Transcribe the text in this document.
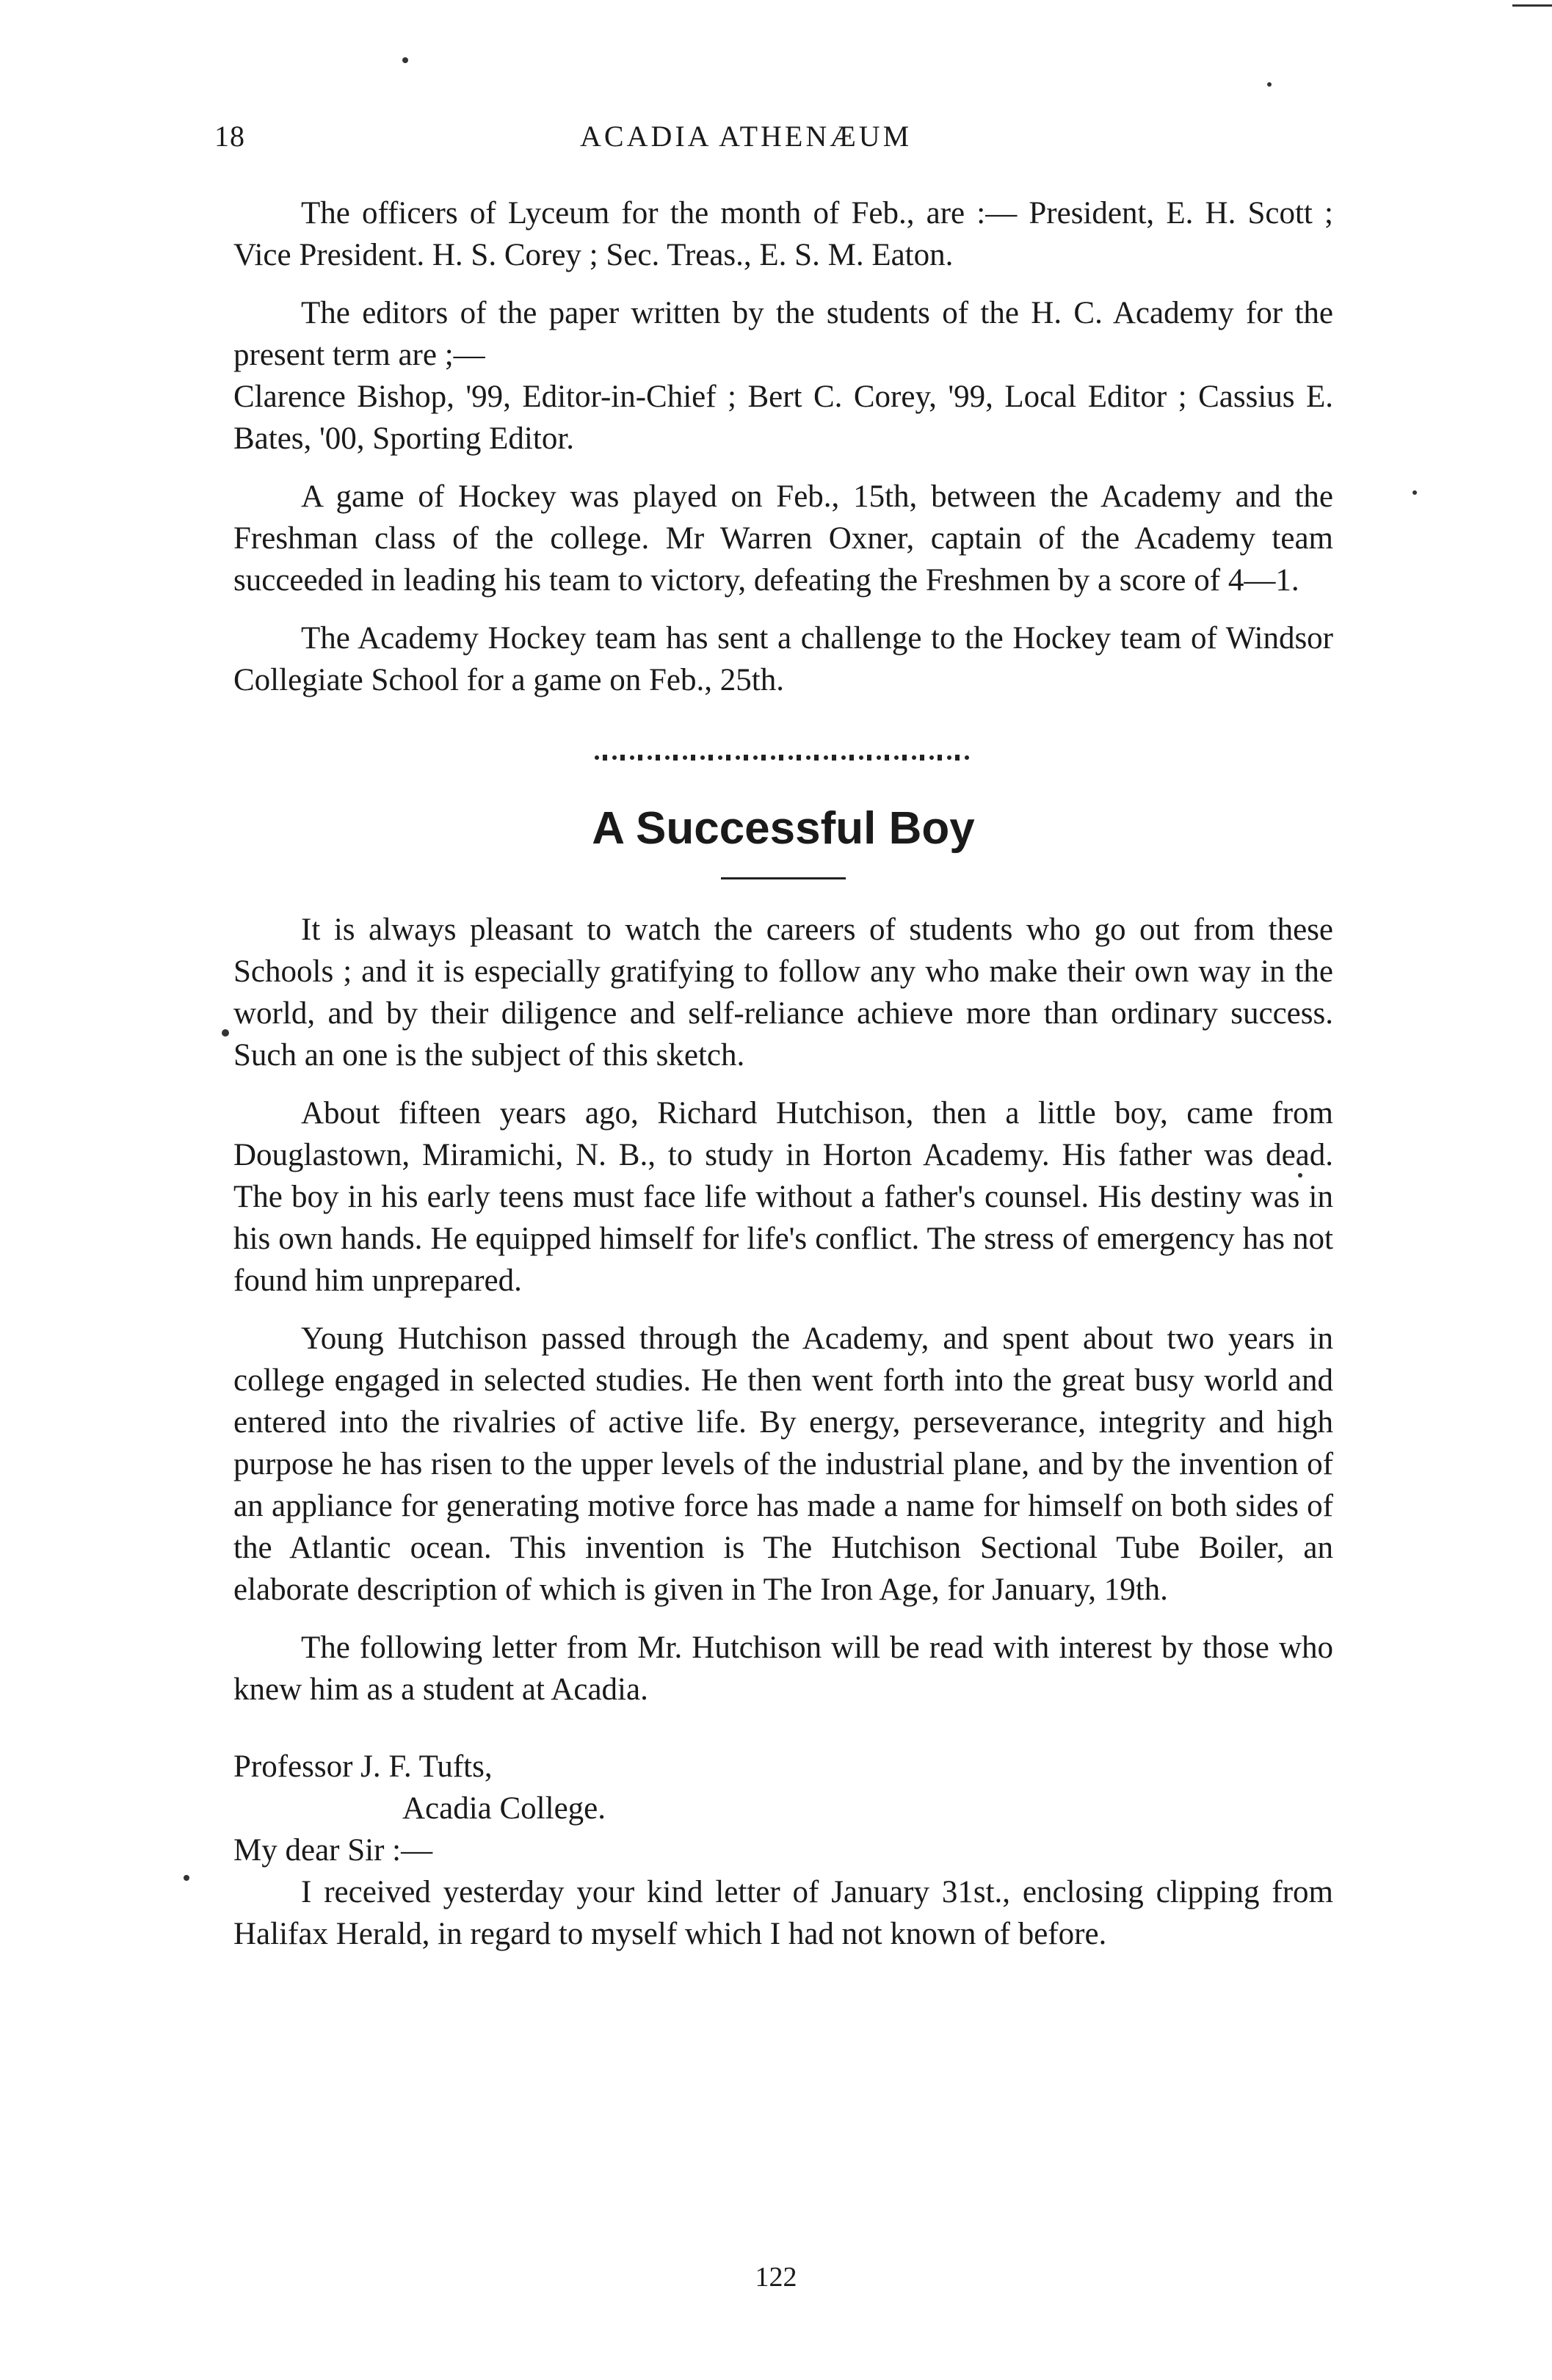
18	ACADIA ATHENÆUM

The officers of Lyceum for the month of Feb., are :— President, E. H. Scott ; Vice President. H. S. Corey ; Sec. Treas., E. S. M. Eaton.

The editors of the paper written by the students of the H. C. Academy for the present term are ;—

Clarence Bishop, '99, Editor-in-Chief ; Bert C. Corey, '99, Local Editor ; Cassius E. Bates, '00, Sporting Editor.

A game of Hockey was played on Feb., 15th, between the Academy and the Freshman class of the college. Mr Warren Oxner, captain of the Academy team succeeded in leading his team to victory, defeating the Freshmen by a score of 4—1.

The Academy Hockey team has sent a challenge to the Hockey team of Windsor Collegiate School for a game on Feb., 25th.

A Successful Boy

It is always pleasant to watch the careers of students who go out from these Schools ; and it is especially gratifying to follow any who make their own way in the world, and by their diligence and self-reliance achieve more than ordinary success. Such an one is the subject of this sketch.

About fifteen years ago, Richard Hutchison, then a little boy, came from Douglastown, Miramichi, N. B., to study in Horton Academy. His father was dead. The boy in his early teens must face life without a father's counsel. His destiny was in his own hands. He equipped himself for life's conflict. The stress of emergency has not found him unprepared.

Young Hutchison passed through the Academy, and spent about two years in college engaged in selected studies. He then went forth into the great busy world and entered into the rivalries of active life. By energy, perseverance, integrity and high purpose he has risen to the upper levels of the industrial plane, and by the invention of an appliance for generating motive force has made a name for himself on both sides of the Atlantic ocean. This invention is The Hutchison Sectional Tube Boiler, an elaborate description of which is given in The Iron Age, for January, 19th.

The following letter from Mr. Hutchison will be read with interest by those who knew him as a student at Acadia.

Professor J. F. Tufts,
Acadia College.
My dear Sir :—

I received yesterday your kind letter of January 31st., enclosing clipping from Halifax Herald, in regard to myself which I had not known of before.

122
